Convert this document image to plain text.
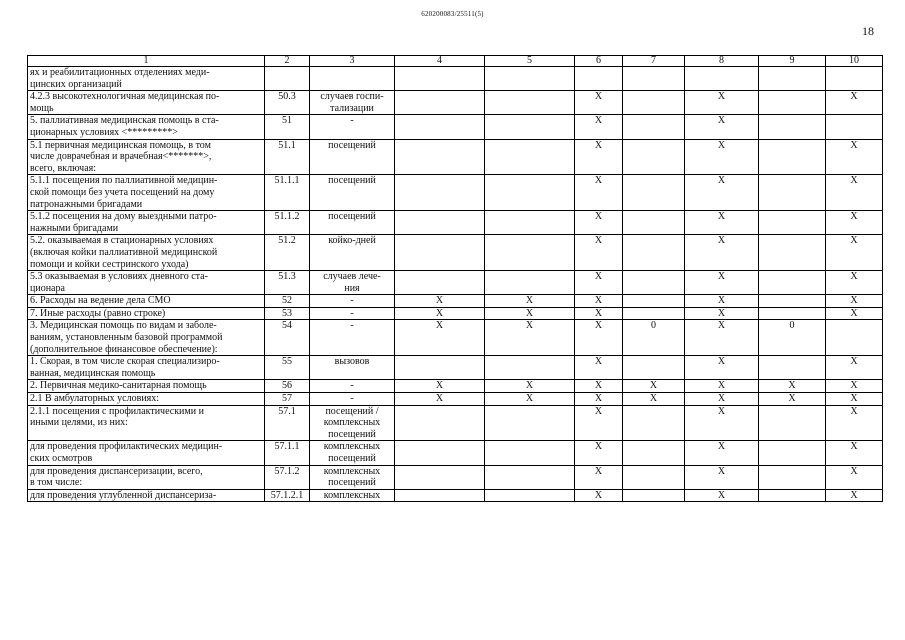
620200083/25511(5)
18
1	2	3	4	5	6	7	8	9	10
ях и реабилитационных отделениях меди-
цинских организаций									
4.2.3 высокотехнологичная медицинская по-
мощь	50.3	случаев госпи-
тализации			X		X		X
5. паллиативная медицинская помощь в ста-
ционарных условиях <*********>	51	-			X		X		
5.1 первичная медицинская помощь, в том
числе доврачебная и врачебная<*******>,
всего, включая:	51.1	посещений			X		X		X
5.1.1 посещения по паллиативной медицин-
ской помощи без учета посещений на дому
патронажными бригадами	51.1.1	посещений			X		X		X
5.1.2 посещения на дому выездными патро-
нажными бригадами	51.1.2	посещений			X		X		X
5.2. оказываемая в стационарных условиях
(включая койки паллиативной медицинской
помощи и койки сестринского ухода)	51.2	койко-дней			X		X		X
5.3 оказываемая в условиях дневного ста-
ционара	51.3	случаев лече-
ния			X		X		X
6. Расходы на ведение дела СМО	52	-	X	X	X		X		X
7. Иные расходы (равно строке)	53	-	X	X	X		X		X
3. Медицинская помощь по видам и заболе-
ваниям, установленным базовой программой
(дополнительное финансовое обеспечение):	54	-	X	X	X	0	X	0	
1. Скорая, в том числе скорая специализиро-
ванная, медицинская помощь	55	вызовов			X		X		X
2. Первичная медико-санитарная помощь	56	-	X	X	X	X	X	X	X
2.1 В амбулаторных условиях:	57	-	X	X	X	X	X	X	X
2.1.1 посещения с профилактическими и
иными целями, из них:	57.1	посещений /
комплексных
посещений			X		X		X
для проведения профилактических медицин-
ских осмотров	57.1.1	комплексных
посещений			X		X		X
для проведения диспансеризации, всего,
в том числе:	57.1.2	комплексных
посещений			X		X		X
для проведения углубленной диспансериза-	57.1.2.1	комплексных			X		X		X
